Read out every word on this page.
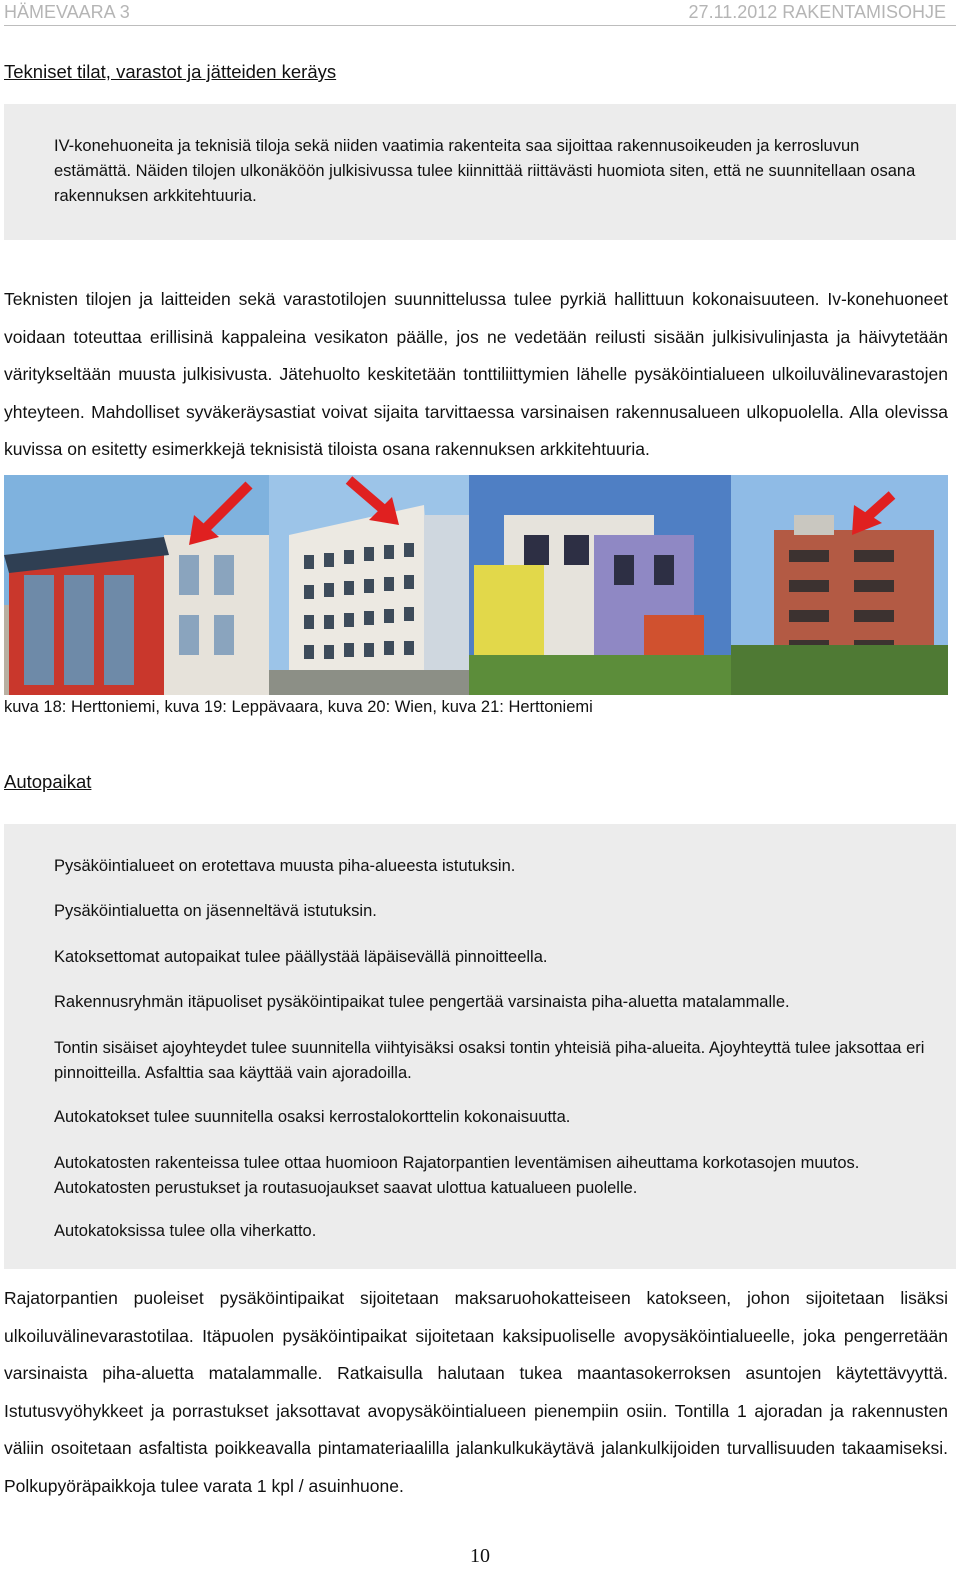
HÄMEVAARA 3	27.11.2012 RAKENTAMISOHJE
Tekniset tilat, varastot ja jätteiden keräys
IV-konehuoneita ja teknisiä tiloja sekä niiden vaatimia rakenteita saa sijoittaa rakennusoikeuden ja kerrosluvun estämättä. Näiden tilojen ulkonäköön julkisivussa tulee kiinnittää riittävästi huomiota siten, että ne suunnitellaan osana rakennuksen arkkitehtuuria.
Teknisten tilojen ja laitteiden sekä varastotilojen suunnittelussa tulee pyrkiä hallittuun kokonaisuuteen. Iv-konehuoneet voidaan toteuttaa erillisinä kappaleina vesikaton päälle, jos ne vedetään reilusti sisään julkisivulinjasta ja häivytetään väritykseltään muusta julkisivusta. Jätehuolto keskitetään tonttiliittymien lähelle pysäköintialueen ulkoiluvälinevarastojen yhteyteen. Mahdolliset syväkeräysastiat voivat sijaita tarvittaessa varsinaisen rakennusalueen ulkopuolella. Alla olevissa kuvissa on esitetty esimerkkejä teknisistä tiloista osana rakennuksen arkkitehtuuria.
kuva 18: Herttoniemi, kuva 19: Leppävaara, kuva 20: Wien, kuva 21: Herttoniemi
Autopaikat
Pysäköintialueet on erotettava muusta piha-alueesta istutuksin.
Pysäköintialuetta on jäsenneltävä istutuksin.
Katoksettomat autopaikat tulee päällystää läpäisevällä pinnoitteella.
Rakennusryhmän itäpuoliset pysäköintipaikat tulee pengertää varsinaista piha-aluetta matalammalle.
Tontin sisäiset ajoyhteydet tulee suunnitella viihtyisäksi osaksi tontin yhteisiä piha-alueita. Ajoyhteyttä tulee jaksottaa eri pinnoitteilla. Asfalttia saa käyttää vain ajoradoilla.
Autokatokset tulee suunnitella osaksi kerrostalokorttelin kokonaisuutta.
Autokatosten rakenteissa tulee ottaa huomioon Rajatorpantien leventämisen aiheuttama korkotasojen muutos. Autokatosten perustukset ja routasuojaukset saavat ulottua katualueen puolelle.
Autokatoksissa tulee olla viherkatto.
Rajatorpantien puoleiset pysäköintipaikat sijoitetaan maksaruohokatteiseen katokseen, johon sijoitetaan lisäksi ulkoiluvälinevarastotilaa. Itäpuolen pysäköintipaikat sijoitetaan kaksipuoliselle avopysäköintialueelle, joka pengerretään varsinaista piha-aluetta matalammalle. Ratkaisulla halutaan tukea maantasokerroksen asuntojen käytettävyyttä. Istutusvyöhykkeet ja porrastukset jaksottavat avopysäköintialueen pienempiin osiin. Tontilla 1 ajoradan ja rakennusten väliin osoitetaan asfaltista poikkeavalla pintamateriaalilla jalankulkukäytävä jalankulkijoiden turvallisuuden takaamiseksi. Polkupyöräpaikkoja tulee varata 1 kpl / asuinhuone.
10
